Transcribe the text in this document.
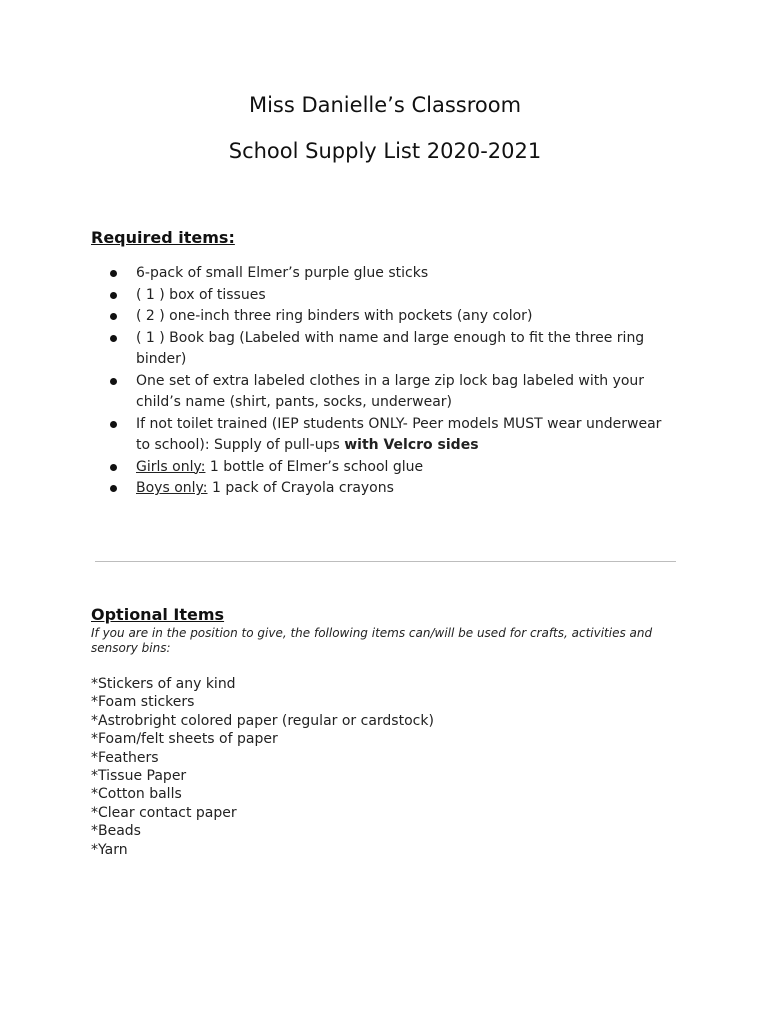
Miss Danielle’s Classroom
School Supply List 2020-2021
Required items:
6-pack of small Elmer’s purple glue sticks
( 1 ) box of tissues
( 2 ) one-inch three ring binders with pockets (any color)
( 1 ) Book bag (Labeled with name and large enough to fit the three ring binder)
One set of extra labeled clothes in a large zip lock bag labeled with your child’s name (shirt, pants, socks, underwear)
If not toilet trained (IEP students ONLY- Peer models MUST wear underwear to school): Supply of pull-ups with Velcro sides
Girls only: 1 bottle of Elmer’s school glue
Boys only: 1 pack of Crayola crayons
Optional Items
If you are in the position to give, the following items can/will be used for crafts, activities and sensory bins:
*Stickers of any kind
*Foam stickers
*Astrobright colored paper (regular or cardstock)
*Foam/felt sheets of paper
*Feathers
*Tissue Paper
*Cotton balls
*Clear contact paper
*Beads
*Yarn
